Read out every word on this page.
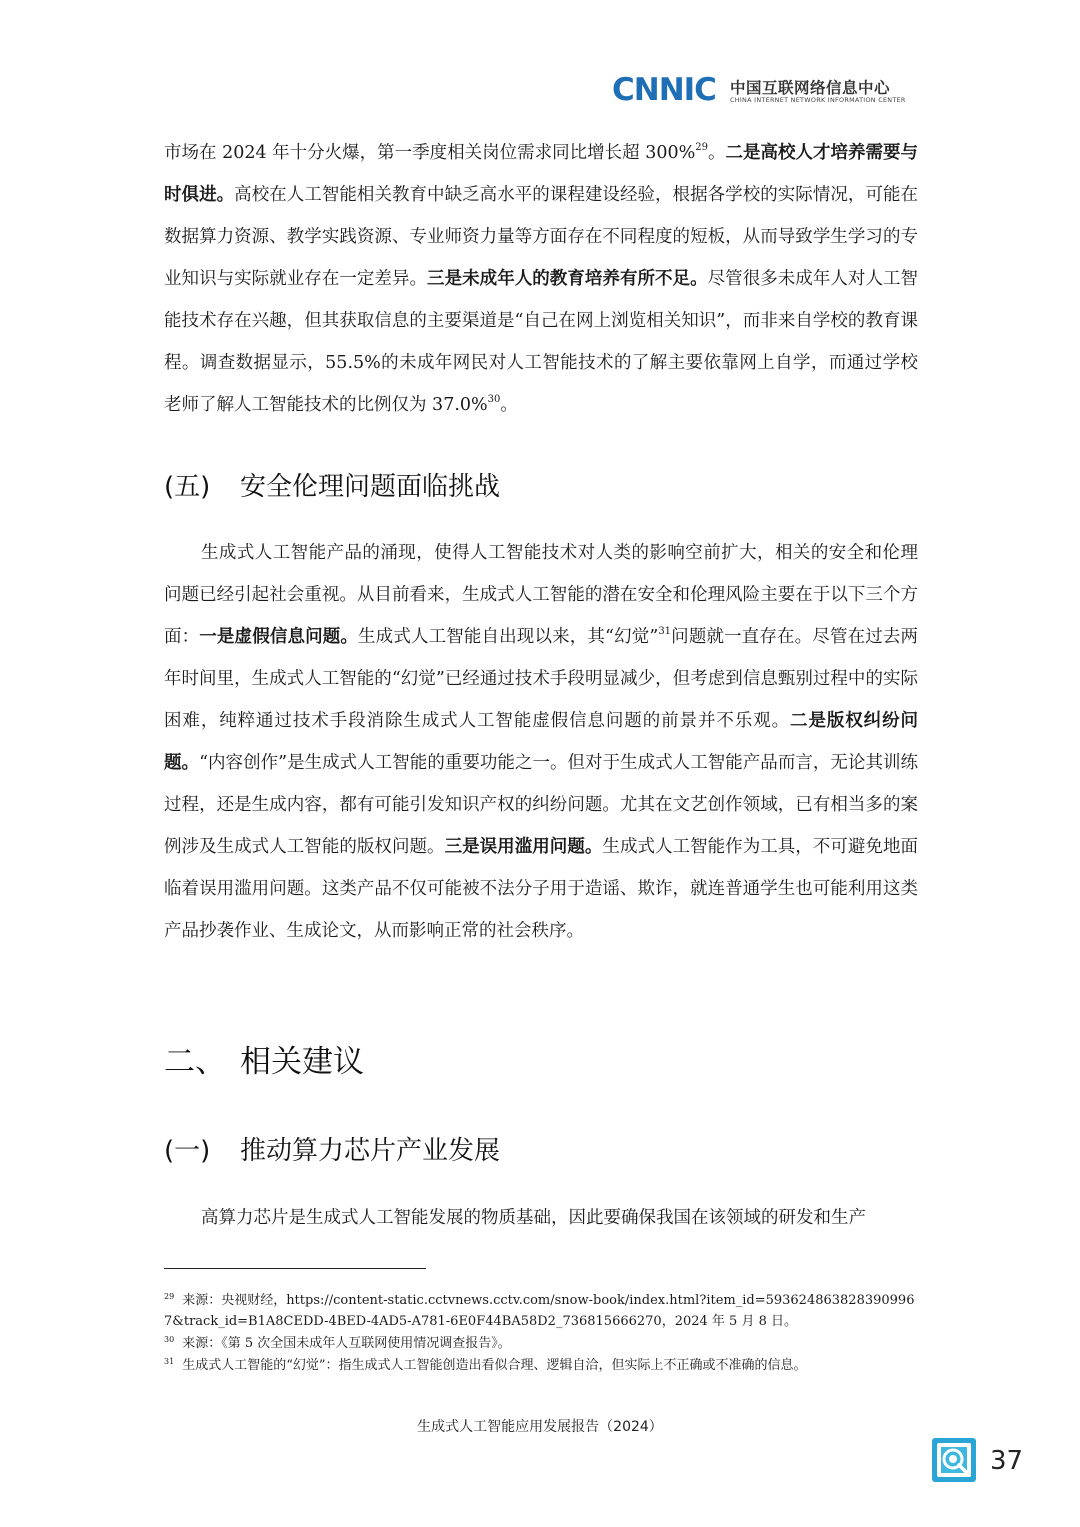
CNNIC 中国互联网络信息中心
CHINA INTERNET NETWORK INFORMATION CENTER

市场在 2024 年十分火爆，第一季度相关岗位需求同比增长超 300%$^{29}$。二是高校人才培养需要与时俱进。高校在人工智能相关教育中缺乏高水平的课程建设经验，根据各学校的实际情况，可能在数据算力资源、教学实践资源、专业师资力量等方面存在不同程度的短板，从而导致学生学习的专业知识与实际就业存在一定差异。三是未成年人的教育培养有所不足。尽管很多未成年人对人工智能技术存在兴趣，但其获取信息的主要渠道是“自己在网上浏览相关知识”，而非来自学校的教育课程。调查数据显示，55.5%的未成年网民对人工智能技术的了解主要依靠网上自学，而通过学校老师了解人工智能技术的比例仅为 37.0%$^{30}$。

(五) 安全伦理问题面临挑战

生成式人工智能产品的涌现，使得人工智能技术对人类的影响空前扩大，相关的安全和伦理问题已经引起社会重视。从目前看来，生成式人工智能的潜在安全和伦理风险主要在于以下三个方面：一是虚假信息问题。生成式人工智能自出现以来，其“幻觉”$^{31}$问题就一直存在。尽管在过去两年时间里，生成式人工智能的“幻觉”已经通过技术手段明显减少，但考虑到信息甄别过程中的实际困难，纯粹通过技术手段消除生成式人工智能虚假信息问题的前景并不乐观。二是版权纠纷问题。“内容创作”是生成式人工智能的重要功能之一。但对于生成式人工智能产品而言，无论其训练过程，还是生成内容，都有可能引发知识产权的纠纷问题。尤其在文艺创作领域，已有相当多的案例涉及生成式人工智能的版权问题。三是误用滥用问题。生成式人工智能作为工具，不可避免地面临着误用滥用问题。这类产品不仅可能被不法分子用于造谣、欺诈，就连普通学生也可能利用这类产品抄袭作业、生成论文，从而影响正常的社会秩序。

二、 相关建议
(一) 推动算力芯片产业发展

高算力芯片是生成式人工智能发展的物质基础，因此要确保我国在该领域的研发和生产

$^{29}$ 来源：央视财经，https://content-static.cctvnews.cctv.com/snow-book/index.html?item_id=5936248638283909967&track_id=B1A8CEDD-4BED-4AD5-A781-6E0F44BA58D2_736815666270，2024 年 5 月 8 日。

$^{30}$ 来源：《第 5 次全国未成年人互联网使用情况调查报告》。

$^{31}$ 生成式人工智能的“幻觉”：指生成式人工智能创造出看似合理、逻辑自洽，但实际上不正确或不准确的信息。

生成式人工智能应用发展报告（2024）
37
